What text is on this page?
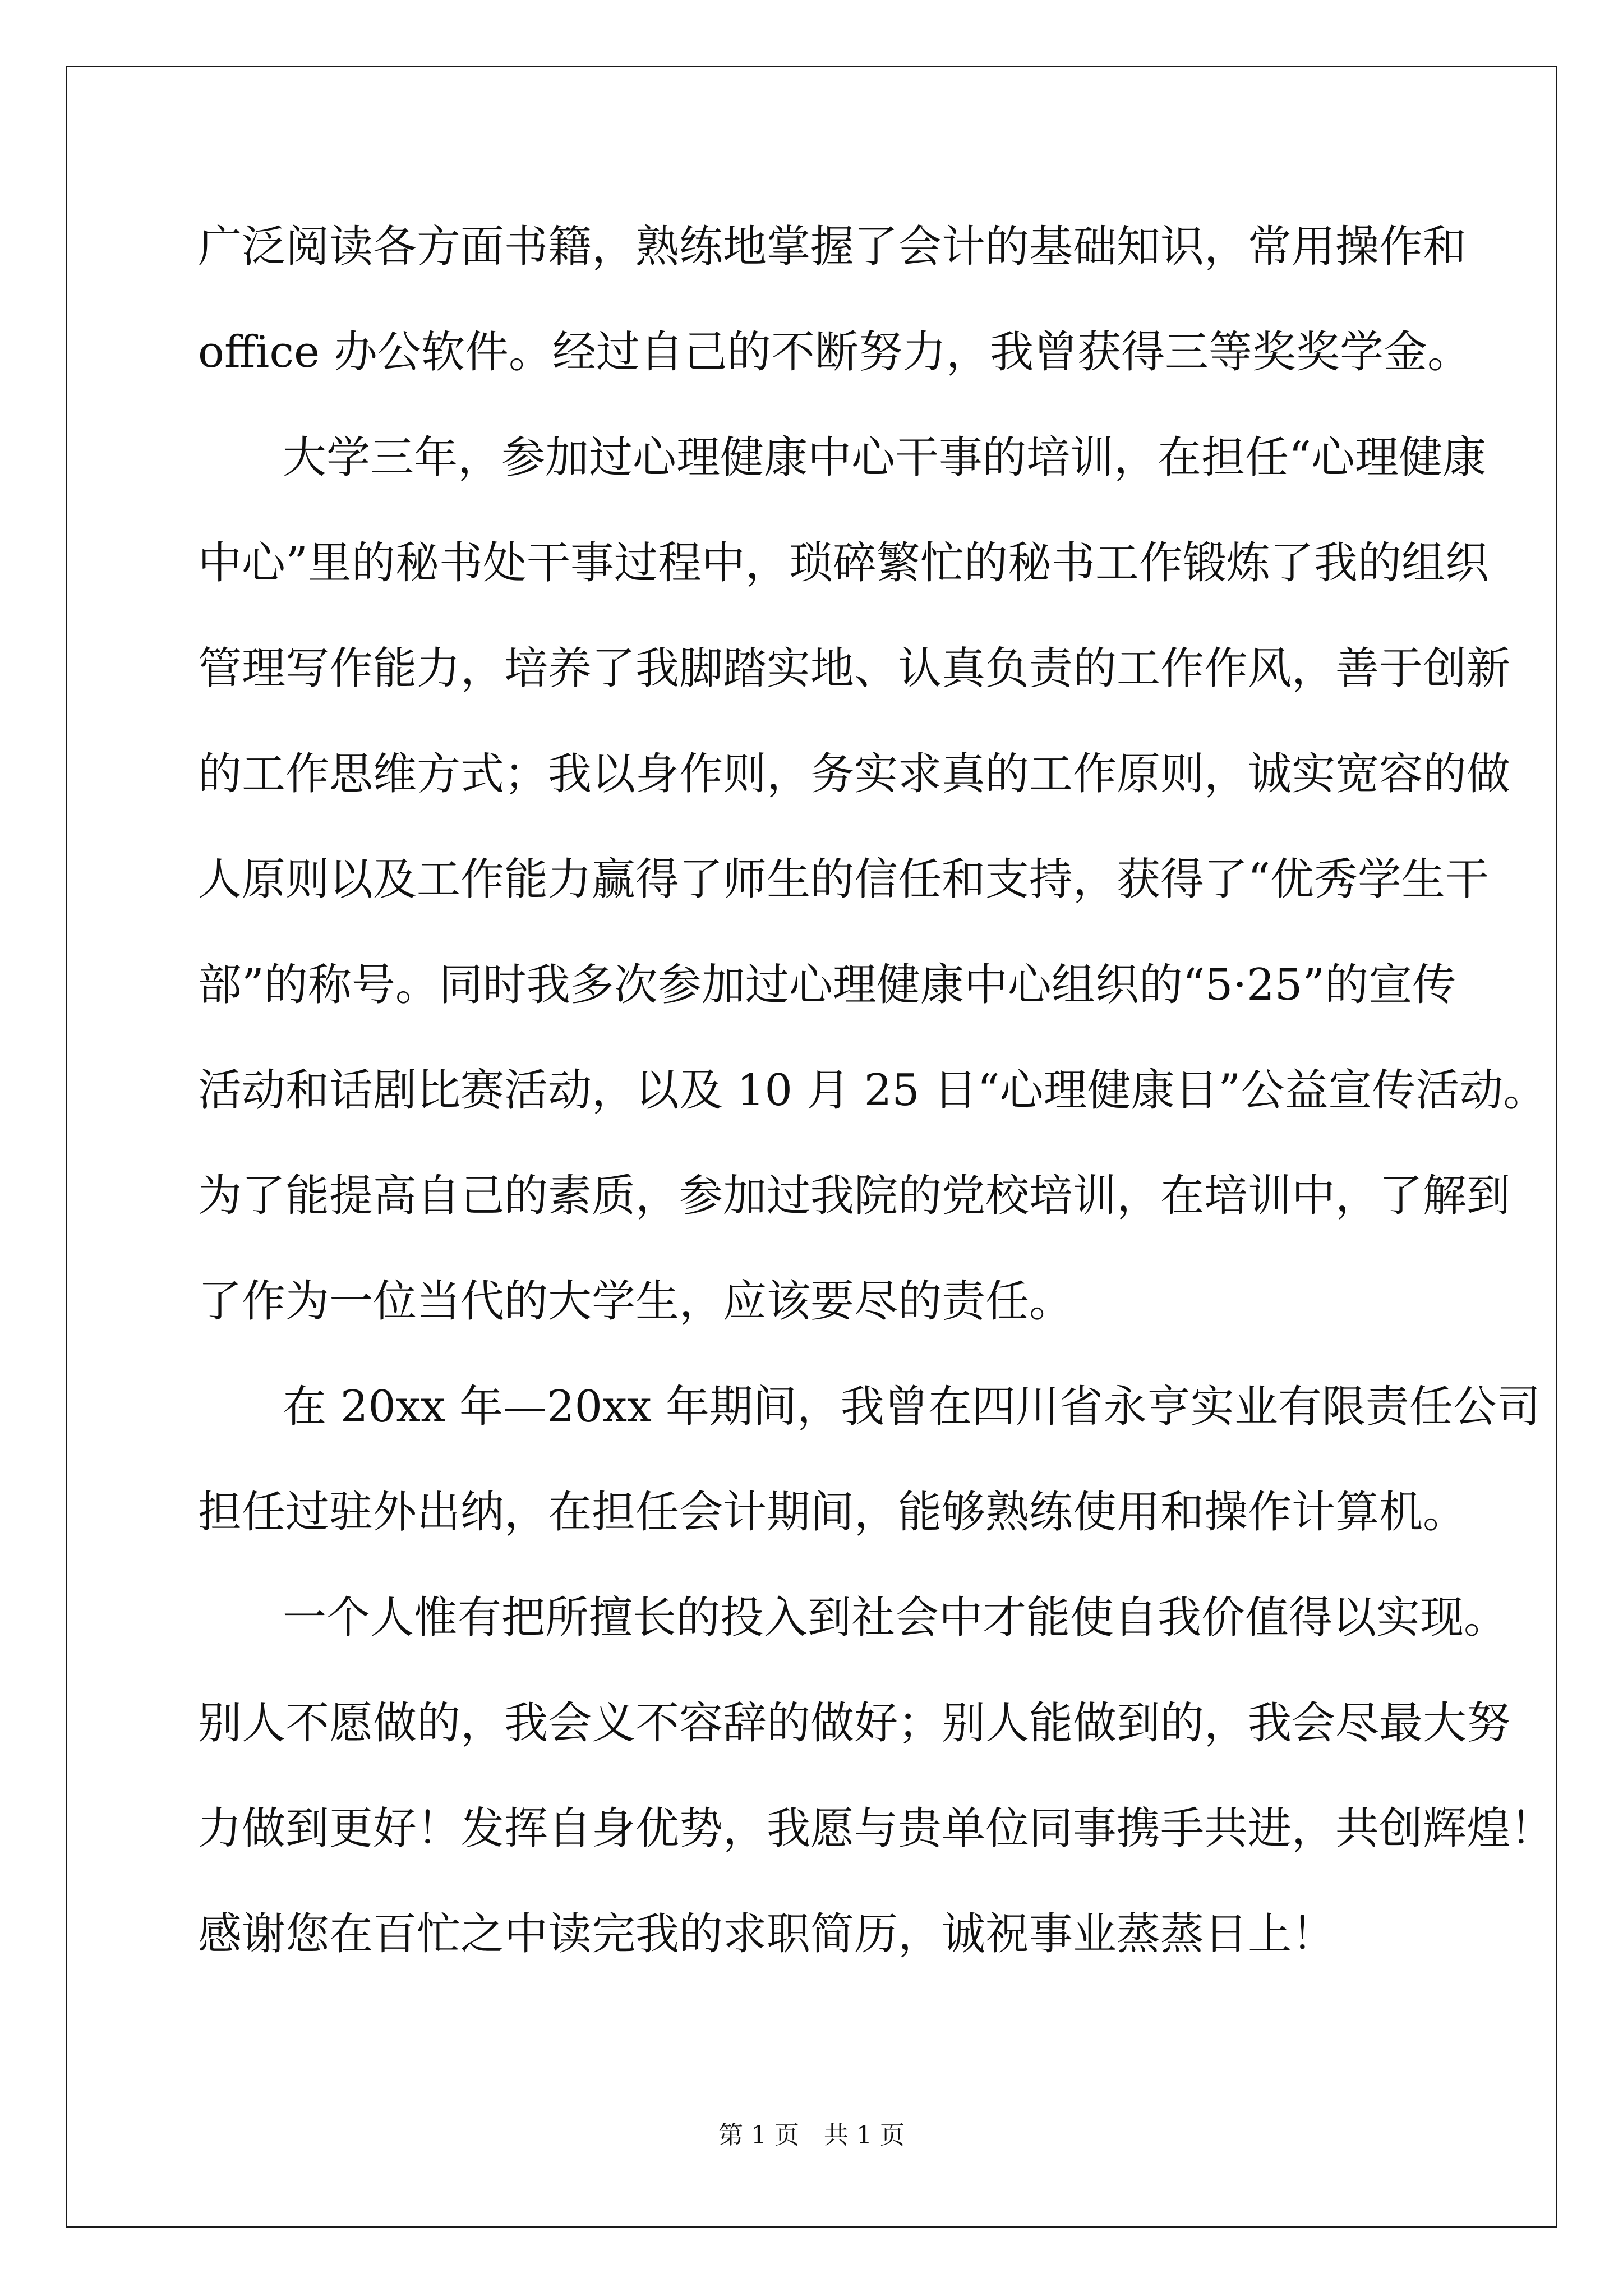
广泛阅读各方面书籍，熟练地掌握了会计的基础知识，常用操作和
office 办公软件。经过自己的不断努力，我曾获得三等奖奖学金。
大学三年，参加过心理健康中心干事的培训，在担任“心理健康
中心”里的秘书处干事过程中，琐碎繁忙的秘书工作锻炼了我的组织
管理写作能力，培养了我脚踏实地、认真负责的工作作风，善于创新
的工作思维方式；我以身作则，务实求真的工作原则，诚实宽容的做
人原则以及工作能力赢得了师生的信任和支持，获得了“优秀学生干
部”的称号。同时我多次参加过心理健康中心组织的“5·25”的宣传
活动和话剧比赛活动，以及 10 月 25 日“心理健康日”公益宣传活动。
为了能提高自己的素质，参加过我院的党校培训，在培训中，了解到
了作为一位当代的大学生，应该要尽的责任。
在 20xx 年—20xx 年期间，我曾在四川省永亨实业有限责任公司
担任过驻外出纳，在担任会计期间，能够熟练使用和操作计算机。
一个人惟有把所擅长的投入到社会中才能使自我价值得以实现。
别人不愿做的，我会义不容辞的做好；别人能做到的，我会尽最大努
力做到更好！发挥自身优势，我愿与贵单位同事携手共进，共创辉煌！
感谢您在百忙之中读完我的求职简历，诚祝事业蒸蒸日上！
第 1 页　共 1 页
